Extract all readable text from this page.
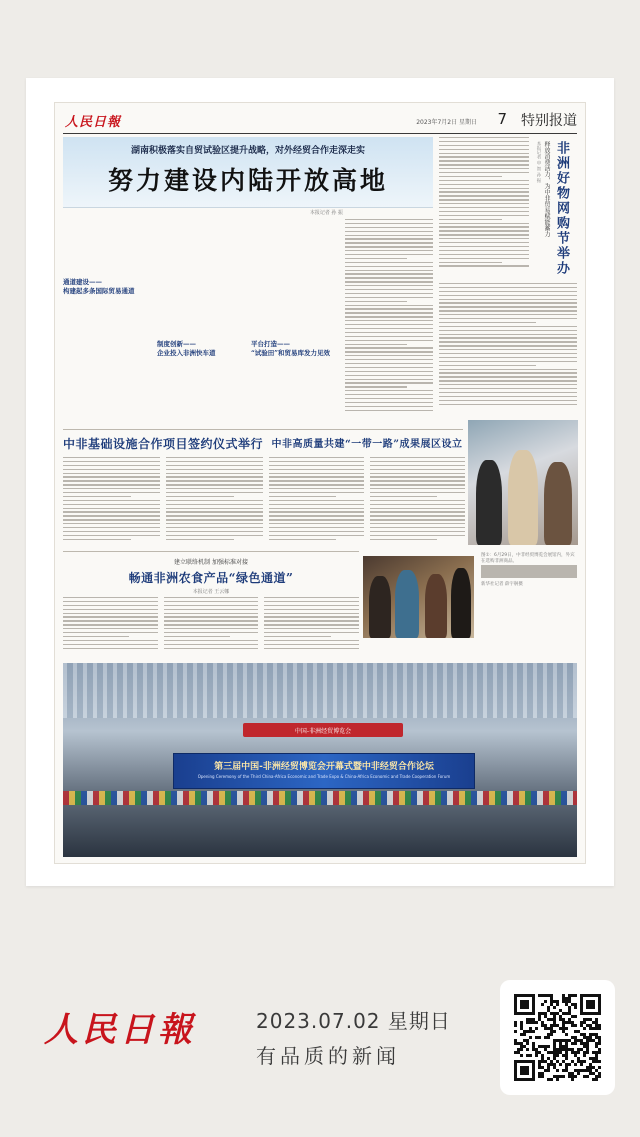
人民日報	2023年7月2日 星期日 7 特别报道
湖南积极落实自贸试验区提升战略，对外经贸合作走深走实
努力建设内陆开放高地
本报记者 孙 振
通道建设——
构建起多条国际贸易通道
制度创新——
企业投入非洲快车道
平台打造——
“试验田”和贸易库发力见效
非洲好物网购节举办
释放消费活力，为中非贸易赋能蓄力
本报记者 申 智 孙 振
中非基础设施合作项目签约仪式举行 中非高质量共建“一带一路”成果展区设立
建立联络机制 加强标准对接
畅通非洲农食产品“绿色通道”
本报记者 王云娜
图①：6月29日，中非经贸博览会展馆内，外宾在选购非洲商品。
新华社记者 薛宇舸摄
中国-非洲经贸博览会
第三届中国-非洲经贸博览会开幕式暨中非经贸合作论坛
Opening Ceremony of the Third China-Africa Economic and Trade Expo & China-Africa Economic and Trade Cooperation Forum
人民日報	2023.07.02 星期日
有品质的新闻
